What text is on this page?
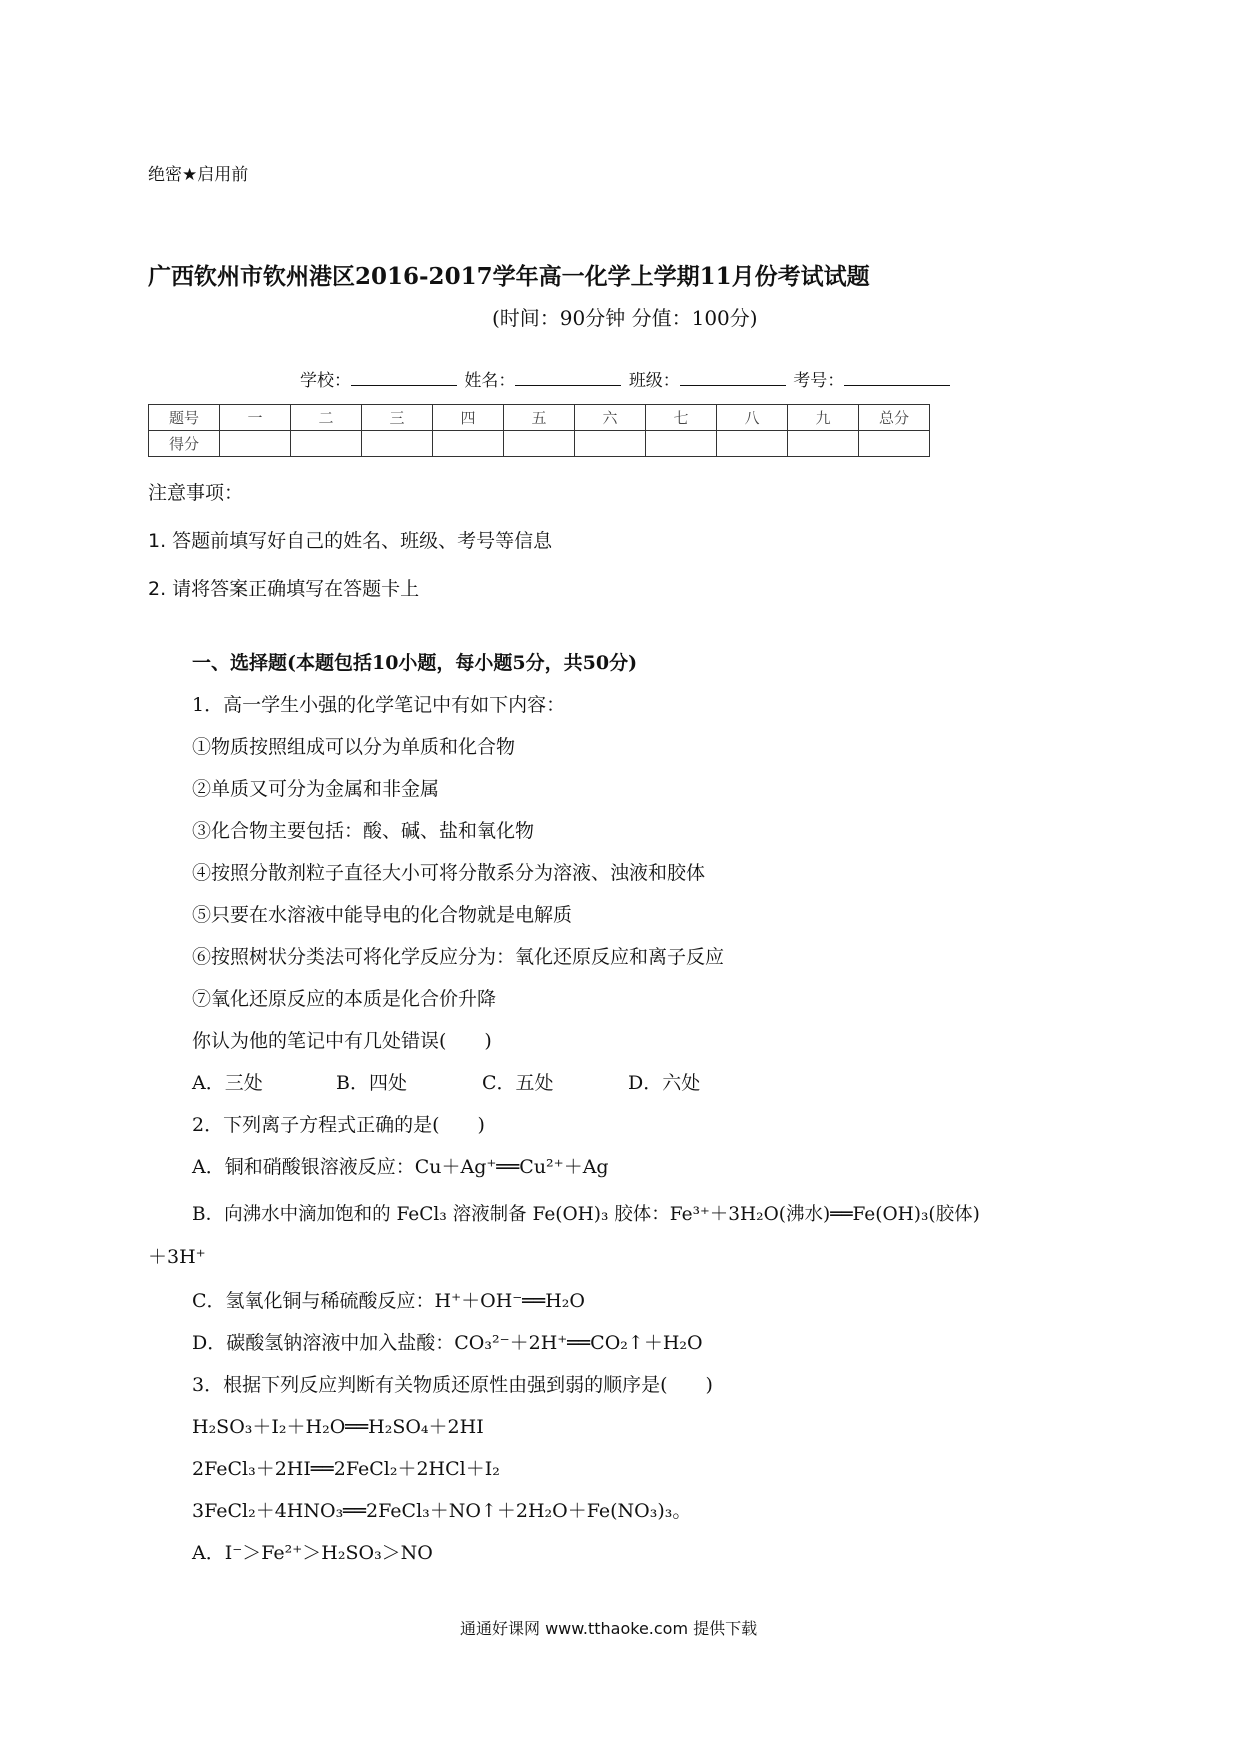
绝密★启用前
广西钦州市钦州港区2016-2017学年高一化学上学期11月份考试试题
(时间：90分钟 分值：100分)
学校：	姓名：	班级：	考号：
题号	一	二	三	四	五	六	七	八	九	总分
得分										
注意事项：
1. 答题前填写好自己的姓名、班级、考号等信息
2. 请将答案正确填写在答题卡上
一、选择题(本题包括10小题，每小题5分，共50分)
1．高一学生小强的化学笔记中有如下内容：
①物质按照组成可以分为单质和化合物
②单质又可分为金属和非金属
③化合物主要包括：酸、碱、盐和氧化物
④按照分散剂粒子直径大小可将分散系分为溶液、浊液和胶体
⑤只要在水溶液中能导电的化合物就是电解质
⑥按照树状分类法可将化学反应分为：氧化还原反应和离子反应
⑦氧化还原反应的本质是化合价升降
你认为他的笔记中有几处错误(　　)
A．三处	B．四处	C．五处	D．六处
2．下列离子方程式正确的是(　　)
A．铜和硝酸银溶液反应：Cu＋Ag⁺══Cu²⁺＋Ag
B．向沸水中滴加饱和的 FeCl₃ 溶液制备 Fe(OH)₃ 胶体：Fe³⁺＋3H₂O(沸水)══Fe(OH)₃(胶体)
＋3H⁺
C．氢氧化铜与稀硫酸反应：H⁺＋OH⁻══H₂O
D．碳酸氢钠溶液中加入盐酸：CO₃²⁻＋2H⁺══CO₂↑＋H₂O
3．根据下列反应判断有关物质还原性由强到弱的顺序是(　　)
H₂SO₃＋I₂＋H₂O══H₂SO₄＋2HI
2FeCl₃＋2HI══2FeCl₂＋2HCl＋I₂
3FeCl₂＋4HNO₃══2FeCl₃＋NO↑＋2H₂O＋Fe(NO₃)₃。
A．I⁻＞Fe²⁺＞H₂SO₃＞NO
通通好课网 www.tthaoke.com 提供下载
